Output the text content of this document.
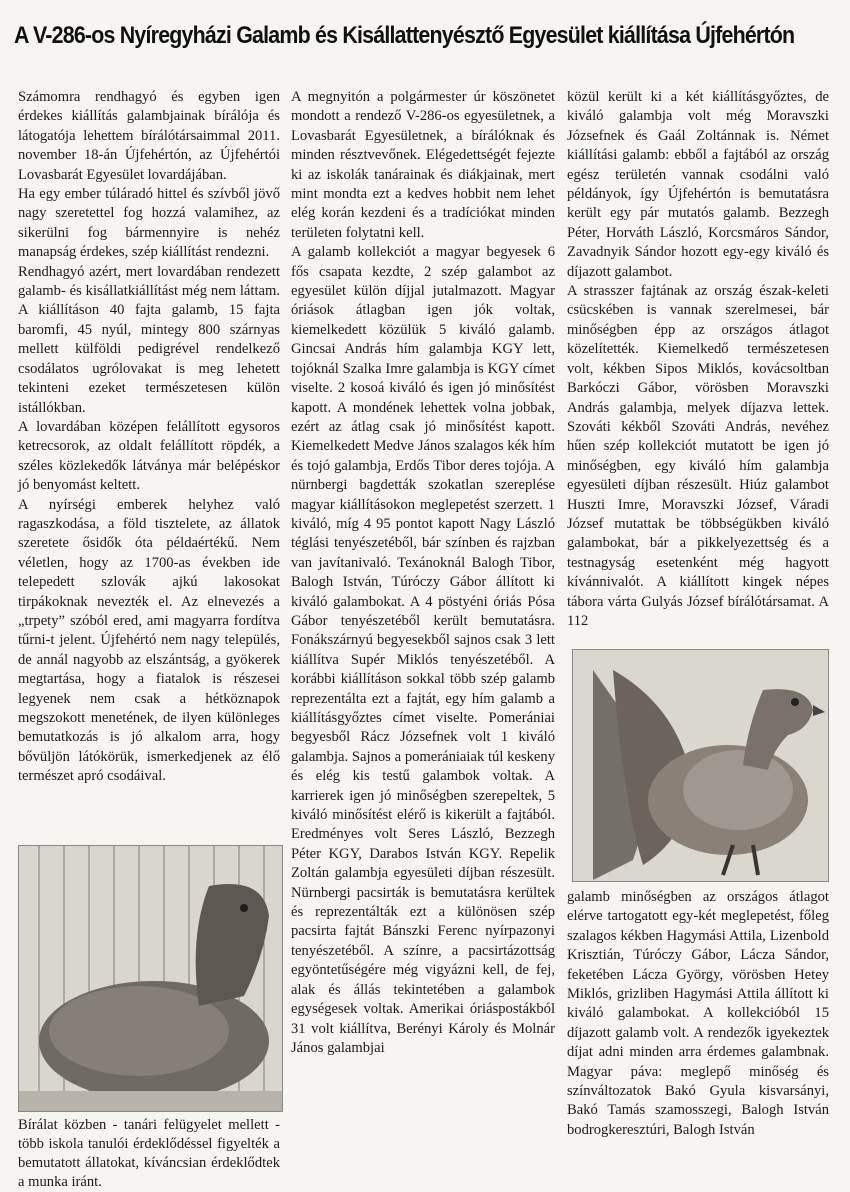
A V-286-os Nyíregyházi Galamb és Kisállattenyésztő Egyesület kiállítása Újfehértón

Számomra rendhagyó és egyben igen érdekes kiállítás galambjainak bírálója és látogatója lehettem bírálótársaimmal 2011. november 18-án Újfehértón, az Újfehértói Lovasbarát Egyesület lovardájában.

Ha egy ember túláradó hittel és szívből jövő nagy szeretettel fog hozzá valamihez, az sikerülni fog bármennyire is nehéz manapság érdekes, szép kiállítást rendezni.

Rendhagyó azért, mert lovardában rendezett galamb- és kisállatkiállítást még nem láttam. A kiállításon 40 fajta galamb, 15 fajta baromfi, 45 nyúl, mintegy 800 szárnyas mellett külföldi pedigrével rendelkező csodálatos ugrólovakat is meg lehetett tekinteni ezeket természetesen külön istállókban.

A lovardában középen felállított egysoros ketrecsorok, az oldalt felállított röpdék, a széles közlekedők látványa már belépéskor jó benyomást keltett.

A nyírségi emberek helyhez való ragaszkodása, a föld tisztelete, az állatok szeretete ősidők óta példaértékű. Nem véletlen, hogy az 1700-as években ide telepedett szlovák ajkú lakosokat tirpákoknak nevezték el. Az elnevezés a „trpety” szóból ered, ami magyarra fordítva tűrni-t jelent. Újfehértó nem nagy település, de annál nagyobb az elszántság, a gyökerek megtartása, hogy a fiatalok is részesei legyenek nem csak a hétköznapok megszokott menetének, de ilyen különleges bemutatkozás is jó alkalom arra, hogy bővüljön látókörük, ismerkedjenek az élő természet apró csodáival.

A megnyitón a polgármester úr köszönetet mondott a rendező V-286-os egyesületnek, a Lovasbarát Egyesületnek, a bírálóknak és minden résztvevőnek. Elégedettségét fejezte ki az iskolák tanárainak és diákjainak, mert mint mondta ezt a kedves hobbit nem lehet elég korán kezdeni és a tradíciókat minden területen folytatni kell.

A galamb kollekciót a magyar begyesek 6 fős csapata kezdte, 2 szép galambot az egyesület külön díjjal jutalmazott. Magyar óriások átlagban igen jók voltak, kiemelkedett közülük 5 kiváló galamb. Gincsai András hím galambja KGY lett, tojóknál Szalka Imre galambja is KGY címet viselte. 2 kosoá kiváló és igen jó minősítést kapott. A mondének lehettek volna jobbak, ezért az átlag csak jó minősítést kapott. Kiemelkedett Medve János szalagos kék hím és tojó galambja, Erdős Tibor deres tojója. A nürnbergi bagdetták szokatlan szereplése magyar kiállításokon meglepetést szerzett. 1 kiváló, míg 4 95 pontot kapott Nagy László téglási tenyészetéből, bár színben és rajzban van javítanivaló. Texánoknál Balogh Tibor, Balogh István, Túróczy Gábor állított ki kiváló galambokat. A 4 pöstyéni óriás Pósa Gábor tenyészetéből került bemutatásra. Fonákszárnyú begyesekből sajnos csak 3 lett kiállítva Supér Miklós tenyészetéből. A korábbi kiállításon sokkal több szép galamb reprezentálta ezt a fajtát, egy hím galamb a kiállításgyőztes címet viselte. Pomerániai begyesből Rácz Józsefnek volt 1 kiváló galambja. Sajnos a pomerániaiak túl keskeny és elég kis testű galambok voltak. A karrierek igen jó minőségben szerepeltek, 5 kiváló minősítést elérő is kikerült a fajtából. Eredményes volt Seres László, Bezzegh Péter KGY, Darabos István KGY. Repelik Zoltán galambja egyesületi díjban részesült. Nürnbergi pacsirták is bemutatásra kerültek és reprezentálták ezt a különösen szép pacsirta fajtát Bánszki Ferenc nyírpazonyi tenyészetéből. A színre, a pacsirtázottság egyöntetűségére még vigyázni kell, de fej, alak és állás tekintetében a galambok egységesek voltak. Amerikai óriáspostákból 31 volt kiállítva, Berényi Károly és Molnár János galambjai

közül került ki a két kiállításgyőztes, de kiváló galambja volt még Moravszki Józsefnek és Gaál Zoltánnak is. Német kiállítási galamb: ebből a fajtából az ország egész területén vannak csodálni való példányok, így Újfehértón is bemutatásra került egy pár mutatós galamb. Bezzegh Péter, Horváth László, Korcsmáros Sándor, Zavadnyik Sándor hozott egy-egy kiváló és díjazott galambot.

A strasszer fajtának az ország észak-keleti csücskében is vannak szerelmesei, bár minőségben épp az országos átlagot közelítették. Kiemelkedő természetesen volt, kékben Sipos Miklós, kovácsoltban Barkóczi Gábor, vörösben Moravszki András galambja, melyek díjazva lettek. Szováti kékből Szováti András, nevéhez hűen szép kollekciót mutatott be igen jó minőségben, egy kiváló hím galambja egyesületi díjban részesült. Hiúz galambot Huszti Imre, Moravszki József, Váradi József mutattak be többségükben kiváló galambokat, bár a pikkelyezettség és a testnagyság esetenként még hagyott kívánnivalót. A kiállított kingek népes tábora várta Gulyás József bírálótársamat. A 112

galamb minőségben az országos átlagot elérve tartogatott egy-két meglepetést, főleg szalagos kékben Hagymási Attila, Lizenbold Krisztián, Túróczy Gábor, Lácza Sándor, feketében Lácza György, vörösben Hetey Miklós, grizliben Hagymási Attila állított ki kiváló galambokat. A kollekcióból 15 díjazott galamb volt. A rendezők igyekeztek díjat adni minden arra érdemes galambnak. Magyar páva: meglepő minőség és színváltozatok Bakó Gyula kisvarsányi, Bakó Tamás szamosszegi, Balogh István bodrogkeresztúri, Balogh István
Bírálat közben - tanári felügyelet mellett - több iskola tanulói érdeklődéssel figyelték a bemutatott állatokat, kíváncsian érdeklődtek a munka iránt.
